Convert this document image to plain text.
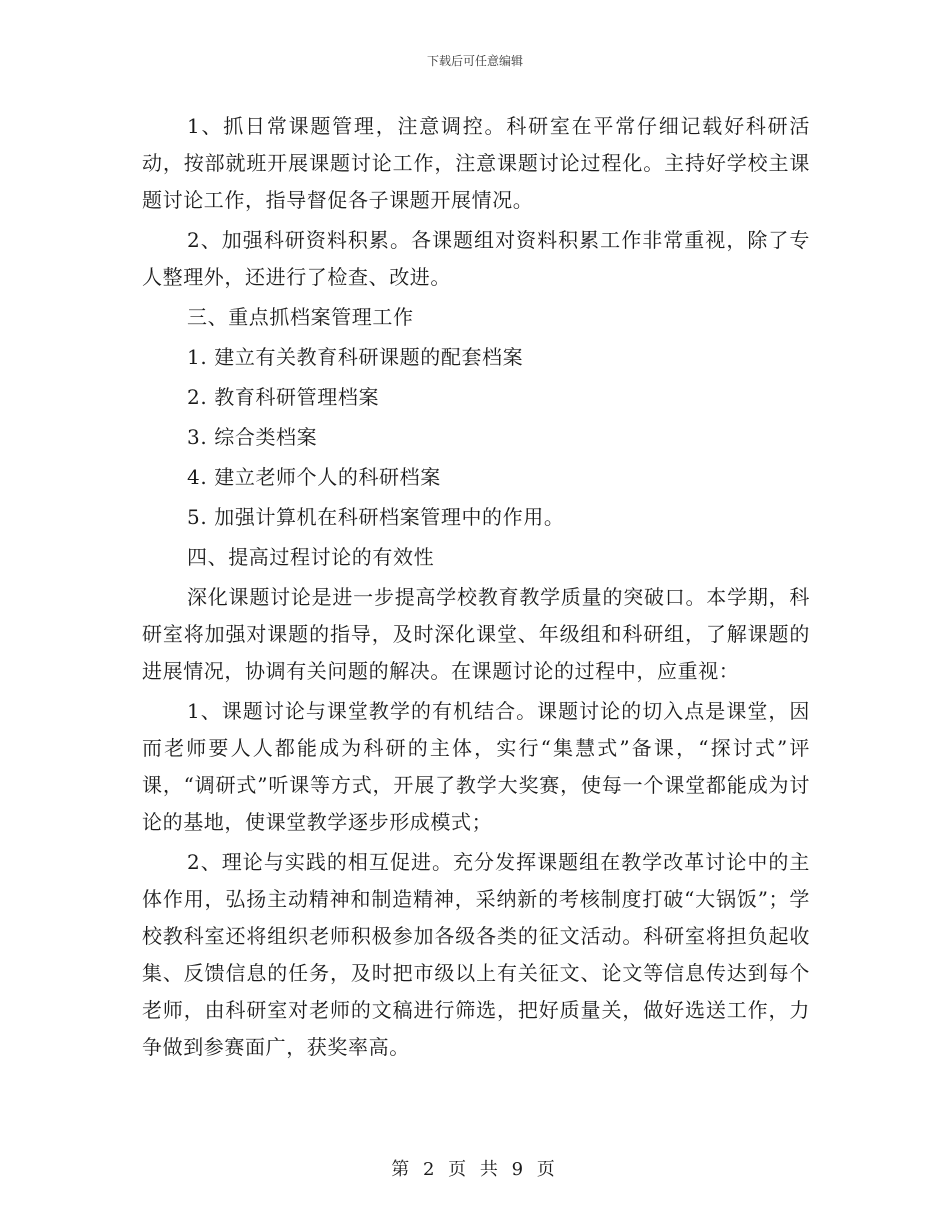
下载后可任意编辑

1、抓日常课题管理，注意调控。科研室在平常仔细记载好科研活动，按部就班开展课题讨论工作，注意课题讨论过程化。主持好学校主课题讨论工作，指导督促各子课题开展情况。

2、加强科研资料积累。各课题组对资料积累工作非常重视，除了专人整理外，还进行了检查、改进。

三、重点抓档案管理工作

1. 建立有关教育科研课题的配套档案

2. 教育科研管理档案

3. 综合类档案

4. 建立老师个人的科研档案

5. 加强计算机在科研档案管理中的作用。

四、提高过程讨论的有效性

深化课题讨论是进一步提高学校教育教学质量的突破口。本学期，科研室将加强对课题的指导，及时深化课堂、年级组和科研组，了解课题的进展情况，协调有关问题的解决。在课题讨论的过程中，应重视：

1、课题讨论与课堂教学的有机结合。课题讨论的切入点是课堂，因而老师要人人都能成为科研的主体，实行“集慧式”备课，“探讨式”评课，“调研式”听课等方式，开展了教学大奖赛，使每一个课堂都能成为讨论的基地，使课堂教学逐步形成模式；

2、理论与实践的相互促进。充分发挥课题组在教学改革讨论中的主体作用，弘扬主动精神和制造精神，采纳新的考核制度打破“大锅饭”；学校教科室还将组织老师积极参加各级各类的征文活动。科研室将担负起收集、反馈信息的任务，及时把市级以上有关征文、论文等信息传达到每个老师，由科研室对老师的文稿进行筛选，把好质量关，做好选送工作，力争做到参赛面广，获奖率高。

第 2 页 共 9 页
